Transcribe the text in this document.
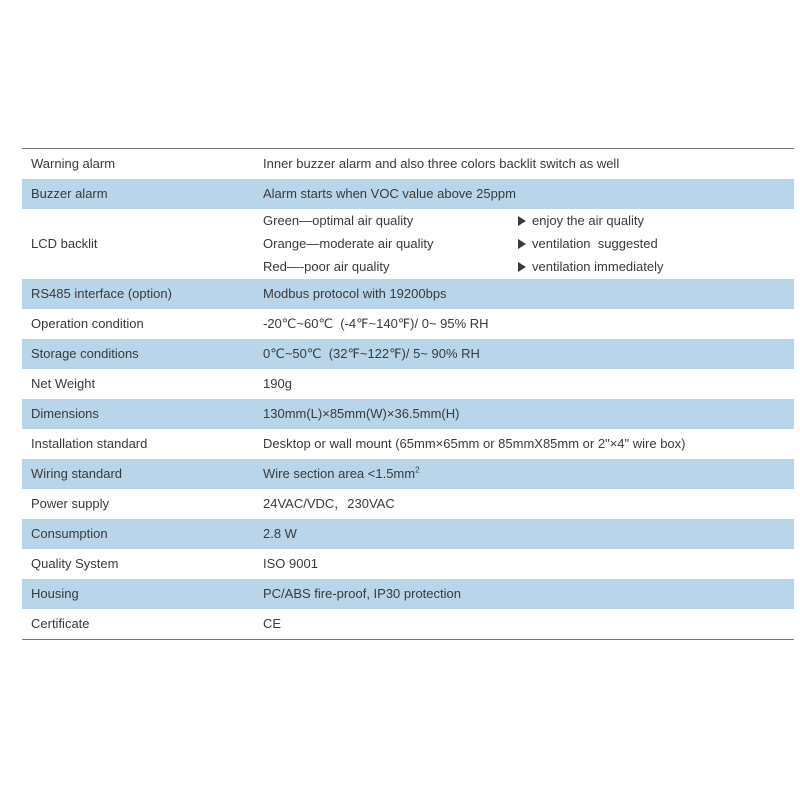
Warning alarm	Inner buzzer alarm and also three colors backlit switch as well
Buzzer alarm	Alarm starts when VOC value above 25ppm
LCD backlit
Green—optimal air quality	enjoy the air quality
Orange—moderate air quality	ventilation  suggested
Red—-poor air quality	ventilation immediately
RS485 interface (option)	Modbus protocol with 19200bps
Operation condition	-20℃~60℃  (-4℉~140℉)/ 0~ 95% RH
Storage conditions	0℃~50℃  (32℉~122℉)/ 5~ 90% RH
Net Weight	190g
Dimensions	130mm(L)×85mm(W)×36.5mm(H)
Installation standard	Desktop or wall mount (65mm×65mm or 85mmX85mm or 2"×4" wire box)
Wiring standard	Wire section area $<1.5mm^2$
Power supply	24VAC/VDC，230VAC
Consumption	2.8 W
Quality System	ISO 9001
Housing	PC/ABS fire-proof, IP30 protection
Certificate	CE
